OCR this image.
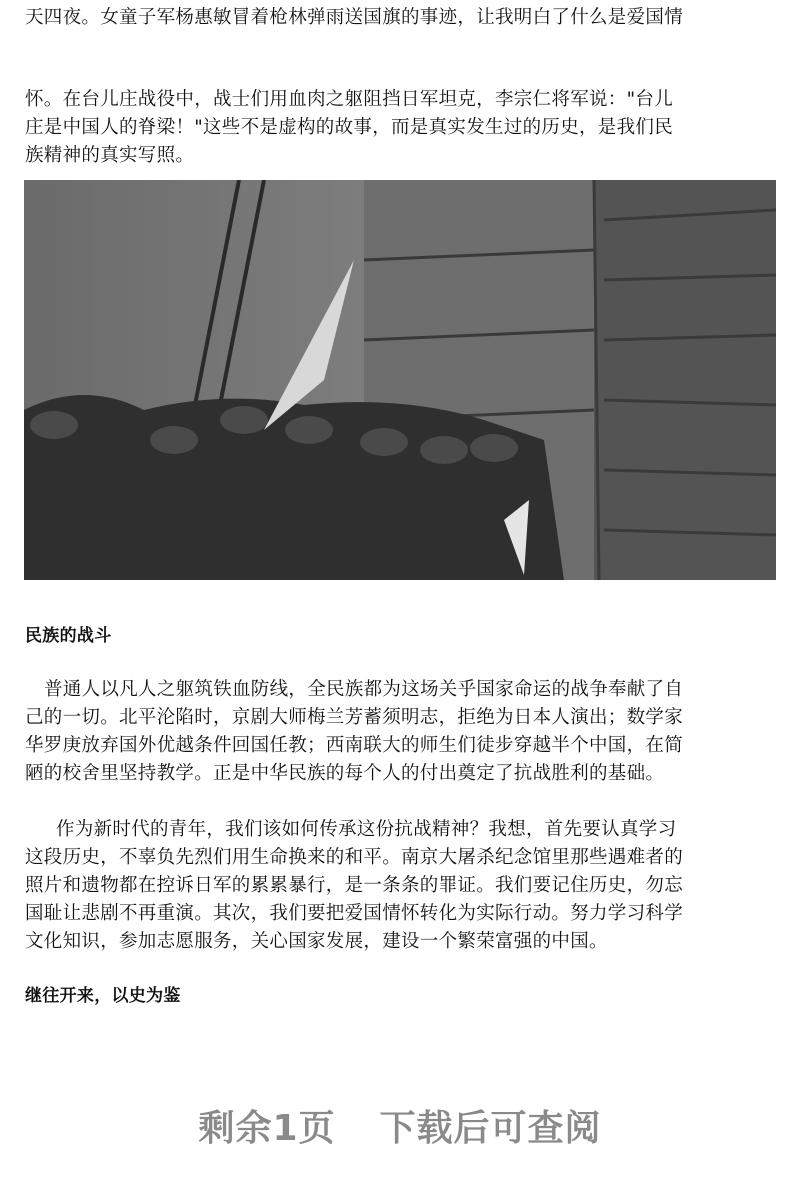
天四夜。女童子军杨惠敏冒着枪林弹雨送国旗的事迹，让我明白了什么是爱国情
怀。在台儿庄战役中，战士们用血肉之躯阻挡日军坦克，李宗仁将军说："台儿
庄是中国人的脊梁！"这些不是虚构的故事，而是真实发生过的历史，是我们民
族精神的真实写照。
民族的战斗
普通人以凡人之躯筑铁血防线，全民族都为这场关乎国家命运的战争奉献了自
己的一切。北平沦陷时，京剧大师梅兰芳蓄须明志，拒绝为日本人演出；数学家
华罗庚放弃国外优越条件回国任教；西南联大的师生们徒步穿越半个中国，在简
陋的校舍里坚持教学。正是中华民族的每个人的付出奠定了抗战胜利的基础。
作为新时代的青年，我们该如何传承这份抗战精神？我想，首先要认真学习
这段历史，不辜负先烈们用生命换来的和平。南京大屠杀纪念馆里那些遇难者的
照片和遗物都在控诉日军的累累暴行，是一条条的罪证。我们要记住历史，勿忘
国耻让悲剧不再重演。其次，我们要把爱国情怀转化为实际行动。努力学习科学
文化知识，参加志愿服务，关心国家发展，建设一个繁荣富强的中国。
继往开来，以史为鉴
剩余1页 下载后可查阅
